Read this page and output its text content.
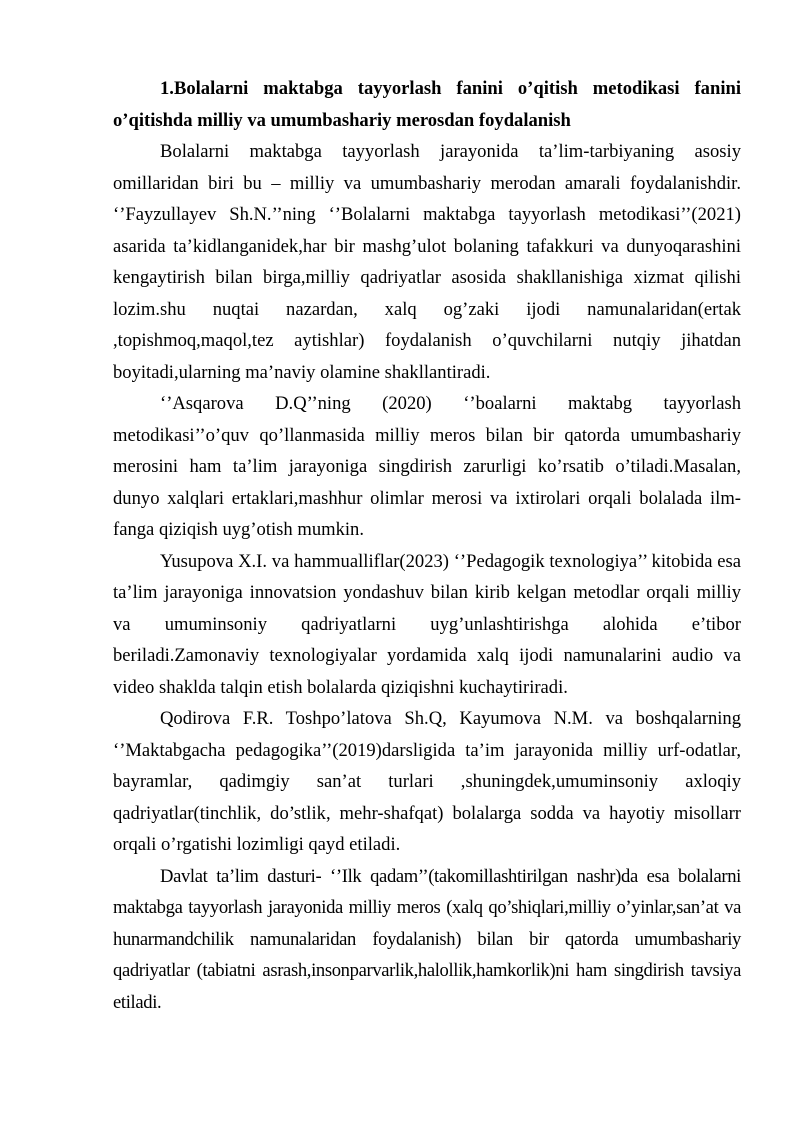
1.Bolalarni maktabga tayyorlash fanini o’qitish metodikasi fanini o’qitishda milliy va umumbashariy merosdan foydalanish

Bolalarni maktabga tayyorlash jarayonida ta’lim-tarbiyaning asosiy omillaridan biri bu – milliy va umumbashariy merodan amarali foydalanishdir. ‘’Fayzullayev Sh.N.’’ning ‘’Bolalarni maktabga tayyorlash metodikasi’’(2021) asarida ta’kidlanganidek,har bir mashg’ulot bolaning tafakkuri va dunyoqarashini kengaytirish bilan birga,milliy qadriyatlar asosida shakllanishiga xizmat qilishi lozim.shu nuqtai nazardan, xalq og’zaki ijodi namunalaridan(ertak ,topishmoq,maqol,tez aytishlar) foydalanish o’quvchilarni nutqiy jihatdan boyitadi,ularning ma’naviy olamine shakllantiradi.

‘’Asqarova D.Q’’ning (2020) ‘’boalarni maktabg tayyorlash metodikasi’’o’quv qo’llanmasida milliy meros bilan bir qatorda umumbashariy merosini ham ta’lim jarayoniga singdirish zarurligi ko’rsatib o’tiladi.Masalan, dunyo xalqlari ertaklari,mashhur olimlar merosi va ixtirolari orqali bolalada ilm-fanga qiziqish uyg’otish mumkin.

Yusupova X.I. va hammualliflar(2023) ‘’Pedagogik texnologiya’’ kitobida esa ta’lim jarayoniga innovatsion yondashuv bilan kirib kelgan metodlar orqali milliy va umuminsoniy qadriyatlarni uyg’unlashtirishga alohida e’tibor beriladi.Zamonaviy texnologiyalar yordamida xalq ijodi namunalarini audio va video shaklda talqin etish bolalarda qiziqishni kuchaytiriradi.

Qodirova F.R. Toshpo’latova Sh.Q, Kayumova N.M. va boshqalarning ‘’Maktabgacha pedagogika’’(2019)darsligida ta’im jarayonida milliy urf-odatlar, bayramlar, qadimgiy san’at turlari ,shuningdek,umuminsoniy axloqiy qadriyatlar(tinchlik, do’stlik, mehr-shafqat) bolalarga sodda va hayotiy misollarr orqali o’rgatishi lozimligi qayd etiladi.

Davlat ta’lim dasturi- ‘’Ilk qadam’’(takomillashtirilgan nashr)da esa bolalarni maktabga tayyorlash jarayonida milliy meros (xalq qo’shiqlari,milliy o’yinlar,san’at va hunarmandchilik namunalaridan foydalanish) bilan bir qatorda umumbashariy qadriyatlar (tabiatni asrash,insonparvarlik,halollik,hamkorlik)ni ham singdirish tavsiya etiladi.
